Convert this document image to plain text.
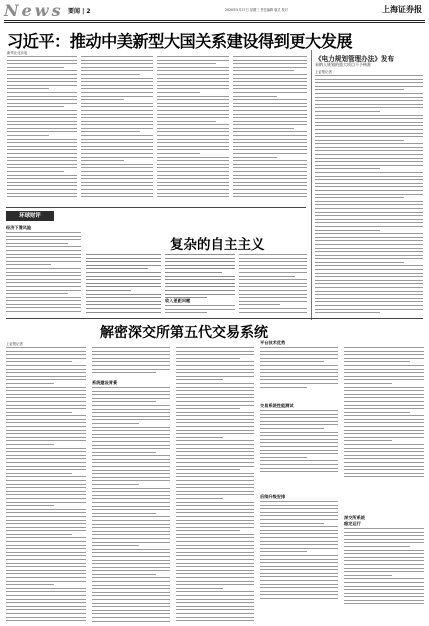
News 要闻 | 2	2020年5月27日 星期三 责任编辑 版式 校对	上海证券报
习近平：推动中美新型大国关系建设得到更大发展
新华社北京电
《电力规划管理办法》发布
未纳入规划的重大项目不予核准
上证报记者
环球财评
复杂的自主主义
经济下滑风险
收入差距问题
解密深交所第五代交易系统
上证报记者
系统建设背景
平台技术优势
交易系统性能测试
后续升级安排
深交所系统
稳定运行
